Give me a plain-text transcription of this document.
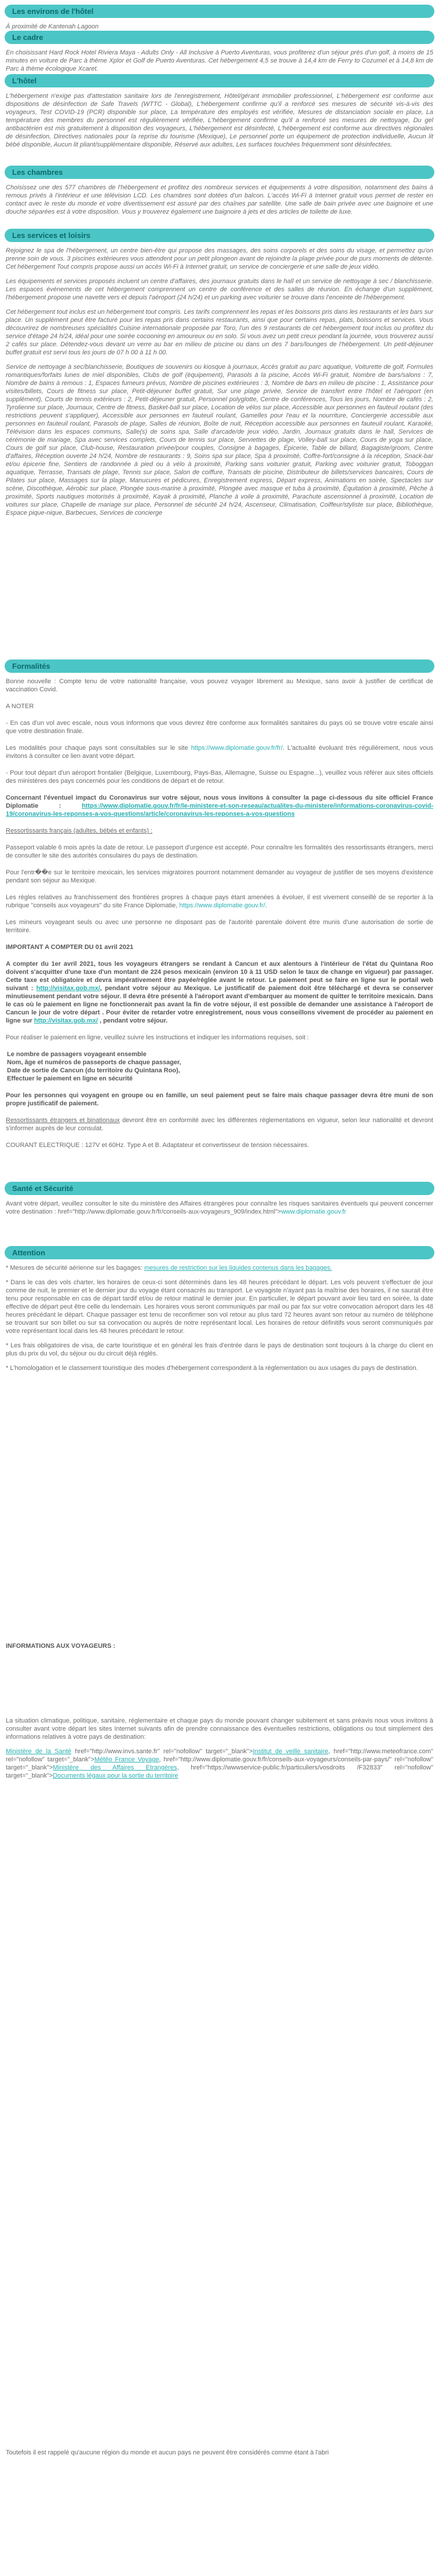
Les environs de l'hôtel

À proximité de Kantenah Lagoon

Le cadre

En choisissant Hard Rock Hotel Riviera Maya - Adults Only - All Inclusive à Puerto Aventuras, vous profiterez d'un séjour près d'un golf, à moins de 15 minutes en voiture de Parc à thème Xplor et Golf de Puerto Aventuras. Cet hébergement 4,5 se trouve à 14,4 km de Ferry to Cozumel et à 14,8 km de Parc à thème écologique Xcaret.

L'hôtel

L'hébergement n'exige pas d'attestation sanitaire lors de l'enregistrement, Hôtel/gérant immobilier professionnel, L'hébergement est conforme aux dispositions de désinfection de Safe Travels (WTTC - Global), L'hébergement confirme qu'il a renforcé ses mesures de sécurité vis-à-vis des voyageurs, Test COVID-19 (PCR) disponible sur place, La température des employés est vérifiée, Mesures de distanciation sociale en place, La température des membres du personnel est régulièrement vérifiée, L'hébergement confirme qu'il a renforcé ses mesures de nettoyage, Du gel antibactérien est mis gratuitement à disposition des voyageurs, L'hébergement est désinfecté, L'hébergement est conforme aux directives régionales de désinfection, Directives nationales pour la reprise du tourisme (Mexique), Le personnel porte un équipement de protection individuelle, Aucun lit bébé disponible, Aucun lit pliant/supplémentaire disponible, Réservé aux adultes, Les surfaces touchées fréquemment sont désinfectées.

Les chambres

Choisissez une des 577 chambres de l'hébergement et profitez des nombreux services et équipements à votre disposition, notamment des bains à remous privés à l'intérieur et une télévision LCD. Les chambres sont dotées d'un balcon. L'accès Wi-Fi à Internet gratuit vous permet de rester en contact avec le reste du monde et votre divertissement est assuré par des chaînes par satellite. Une salle de bain privée avec une baignoire et une douche séparées est à votre disposition. Vous y trouverez également une baignoire à jets et des articles de toilette de luxe.

Les services et loisirs

Rejoignez le spa de l'hébergement, un centre bien-être qui propose des massages, des soins corporels et des soins du visage, et permettez qu'on prenne soin de vous. 3 piscines extérieures vous attendent pour un petit plongeon avant de rejoindre la plage privée pour de purs moments de détente. Cet hébergement Tout compris propose aussi un accès Wi-Fi à Internet gratuit, un service de conciergerie et une salle de jeux vidéo.

Les équipements et services proposés incluent un centre d'affaires, des journaux gratuits dans le hall et un service de nettoyage à sec / blanchisserie. Les espaces événements de cet hébergement comprennent un centre de conférence et des salles de réunion. En échange d'un supplément, l'hébergement propose une navette vers et depuis l'aéroport (24 h/24) et un parking avec voiturier se trouve dans l'enceinte de l'hébergement.

Cet hébergement tout inclus est un hébergement tout compris. Les tarifs comprennent les repas et les boissons pris dans les restaurants et les bars sur place. Un supplément peut être facturé pour les repas pris dans certains restaurants, ainsi que pour certains repas, plats, boissons et services. Vous découvrirez de nombreuses spécialités Cuisine internationale proposée par Toro, l'un des 9 restaurants de cet hébergement tout inclus ou profitez du service d'étage 24 h/24, idéal pour une soirée cocooning en amoureux ou en solo. Si vous avez un petit creux pendant la journée, vous trouverez aussi 2 cafés sur place. Détendez-vous devant un verre au bar en milieu de piscine ou dans un des 7 bars/lounges de l'hébergement. Un petit-déjeuner buffet gratuit est servi tous les jours de 07 h 00 à 11 h 00.

Service de nettoyage à sec/blanchisserie, Boutiques de souvenirs ou kiosque à journaux, Accès gratuit au parc aquatique, Voiturette de golf, Formules romantiques/forfaits lunes de miel disponibles, Clubs de golf (équipement), Parasols à la piscine, Accès Wi-Fi gratuit, Nombre de bars/salons : 7, Nombre de bains à remous : 1, Espaces fumeurs prévus, Nombre de piscines extérieures : 3, Nombre de bars en milieu de piscine : 1, Assistance pour visites/billets, Cours de fitness sur place, Petit-déjeuner buffet gratuit, Sur une plage privée, Service de transfert entre l'hôtel et l'aéroport (en supplément), Courts de tennis extérieurs : 2, Petit-déjeuner gratuit, Personnel polyglotte, Centre de conférences, Tous les jours, Nombre de cafés : 2, Tyrolienne sur place, Journaux, Centre de fitness, Basket-ball sur place, Location de vélos sur place, Accessible aux personnes en fauteuil roulant (des restrictions peuvent s'appliquer), Accessible aux personnes en fauteuil roulant, Gamelles pour l'eau et la nourriture, Conciergerie accessible aux personnes en fauteuil roulant, Parasols de plage, Salles de réunion, Boîte de nuit, Réception accessible aux personnes en fauteuil roulant, Karaoké, Télévision dans les espaces communs, Salle(s) de soins spa, Salle d'arcade/de jeux vidéo, Jardin, Journaux gratuits dans le hall, Services de cérémonie de mariage, Spa avec services complets, Cours de tennis sur place, Serviettes de plage, Volley-ball sur place, Cours de yoga sur place, Cours de golf sur place, Club-house, Restauration privée/pour couples, Consigne à bagages, Épicerie, Table de billard, Bagagiste/groom, Centre d'affaires, Réception ouverte 24 h/24, Nombre de restaurants : 9, Soins spa sur place, Spa à proximité, Coffre-fort/consigne à la réception, Snack-bar et/ou épicerie fine, Sentiers de randonnée à pied ou à vélo à proximité, Parking sans voiturier gratuit, Parking avec voiturier gratuit, Toboggan aquatique, Terrasse, Transats de plage, Tennis sur place, Salon de coiffure, Transats de piscine, Distributeur de billets/services bancaires, Cours de Pilates sur place, Massages sur la plage, Manucures et pédicures, Enregistrement express, Départ express, Animations en soirée, Spectacles sur scène, Discothèque, Aérobic sur place, Plongée sous-marine à proximité, Plongée avec masque et tuba à proximité, Équitation à proximité, Pêche à proximité, Sports nautiques motorisés à proximité, Kayak à proximité, Planche à voile à proximité, Parachute ascensionnel à proximité, Location de voitures sur place, Chapelle de mariage sur place, Personnel de sécurité 24 h/24, Ascenseur, Climatisation, Coiffeur/styliste sur place, Bibliothèque, Espace pique-nique, Barbecues, Services de concierge

Formalités

Bonne nouvelle : Compte tenu de votre nationalité française, vous pouvez voyager librement au Mexique, sans avoir à justifier de certificat de vaccination Covid.

A NOTER

- En cas d'un vol avec escale, nous vous informons que vous devrez être conforme aux formalités sanitaires du pays où se trouve votre escale ainsi que votre destination finale.

Les modalités pour chaque pays sont consultables sur le site https://www.diplomatie.gouv.fr/fr/. L'actualité évoluant très régulièrement, nous vous invitons à consulter ce lien avant votre départ.

- Pour tout départ d'un aéroport frontalier (Belgique, Luxembourg, Pays-Bas, Allemagne, Suisse ou Espagne...), veuillez vous référer aux sites officiels des ministères des pays concernés pour les conditions de départ et de retour.

Concernant l'éventuel impact du Coronavirus sur votre séjour, nous vous invitons à consulter la page ci-dessous du site officiel France Diplomatie : https://www.diplomatie.gouv.fr/fr/le-ministere-et-son-reseau/actualites-du-ministere/informations-coronavirus-covid-19/coronavirus-les-reponses-a-vos-questions/article/coronavirus-les-reponses-a-vos-questions

Ressortissants français (adultes, bébés et enfants) :

Passeport valable 6 mois après la date de retour. Le passeport d'urgence est accepté. Pour connaître les formalités des ressortissants étrangers, merci de consulter le site des autorités consulaires du pays de destination.

Pour l'entr��e sur le territoire mexicain, les services migratoires pourront notamment demander au voyageur de justifier de ses moyens d'existence pendant son séjour au Mexique.

Les règles relatives au franchissement des frontières propres à chaque pays étant amenées à évoluer, il est vivement conseillé de se reporter à la rubrique "conseils aux voyageurs" du site France Diplomatie, https://www.diplomatie.gouv.fr/.

Les mineurs voyageant seuls ou avec une personne ne disposant pas de l'autorité parentale doivent être munis d'une autorisation de sortie de territoire.

IMPORTANT A COMPTER DU 01 avril 2021

A compter du 1er avril 2021, tous les voyageurs étrangers se rendant à Cancun et aux alentours à l'intérieur de l'état du Quintana Roo doivent s'acquitter d'une taxe d'un montant de 224 pesos mexicain (environ 10 à 11 USD selon le taux de change en vigueur) par passager. Cette taxe est obligatoire et devra impérativement être payée/réglée avant le retour. Le paiement peut se faire en ligne sur le portail web suivant : http://visitax.gob.mx/, pendant votre séjour au Mexique. Le justificatif de paiement doit être téléchargé et devra se conserver minutieusement pendant votre séjour. Il devra être présenté à l'aéroport avant d'embarquer au moment de quitter le territoire mexicain. Dans le cas où le paiement en ligne ne fonctionnerait pas avant la fin de votre séjour, il est possible de demander une assistance à l'aéroport de Cancun le jour de votre départ . Pour éviter de retarder votre enregistrement, nous vous conseillons vivement de procéder au paiement en ligne sur http://visitax.gob.mx/ , pendant votre séjour.

Pour réaliser le paiement en ligne, veuillez suivre les instructions et indiquer les informations requises, soit :

Le nombre de passagers voyageant ensemble
Nom, âge et numéros de passeports de chaque passager,
Date de sortie de Cancun (du territoire du Quintana Roo),
Effectuer le paiement en ligne en sécurité

Pour les personnes qui voyagent en groupe ou en famille, un seul paiement peut se faire mais chaque passager devra être muni de son propre justificatif de paiement.

Ressortissants étrangers et binationaux devront être en conformité avec les différentes réglementations en vigueur, selon leur nationalité et devront s'informer auprès de leur consulat.

COURANT ELECTRIQUE : 127V et 60Hz. Type A et B. Adaptateur et convertisseur de tension nécessaires.

Santé et Sécurité

Avant votre départ, veuillez consulter le site du ministère des Affaires étrangères pour connaître les risques sanitaires éventuels qui peuvent concerner votre destination : href="http://www.diplomatie.gouv.fr/fr/conseils-aux-voyageurs_909/index.html">www.diplomatie.gouv.fr

Attention

* Mesures de sécurité aérienne sur les bagages: mesures de restriction sur les liquides contenus dans les bagages.

* Dans le cas des vols charter, les horaires de ceux-ci sont déterminés dans les 48 heures précédant le départ. Les vols peuvent s'effectuer de jour comme de nuit, le premier et le dernier jour du voyage étant consacrés au transport. Le voyagiste n'ayant pas la maîtrise des horaires, il ne saurait être tenu pour responsable en cas de départ tardif et/ou de retour matinal le dernier jour. En particulier, le départ pouvant avoir lieu tard en soirée, la date effective de départ peut être celle du lendemain. Les horaires vous seront communiqués par mail ou par fax sur votre convocation aéroport dans les 48 heures précédant le départ. Chaque passager est tenu de reconfirmer son vol retour au plus tard 72 heures avant son retour au numéro de téléphone se trouvant sur son billet ou sur sa convocation ou auprès de notre représentant local. Les horaires de retour définitifs vous seront communiqués par votre représentant local dans les 48 heures précédant le retour.

* Les frais obligatoires de visa, de carte touristique et en général les frais d'entrée dans le pays de destination sont toujours à la charge du client en plus du prix du vol, du séjour ou du circuit déjà réglés.

* L'homologation et le classement touristique des modes d'hébergement correspondent à la réglementation ou aux usages du pays de destination.

INFORMATIONS AUX VOYAGEURS :

La situation climatique, politique, sanitaire, réglementaire et chaque pays du monde pouvant changer subitement et sans préavis nous vous invitons à consulter avant votre départ les sites Internet suivants afin de prendre connaissance des éventuelles restrictions, obligations ou tout simplement des informations relatives à votre pays de destination:

Ministère de la Santé href="http://www.invs.sante.fr" rel="nofollow" target="_blank">Institut de veille sanitaire, href="http://www.meteofrance.com" rel="nofollow" target="_blank">Météo France Voyage, href="http://www.diplomatie.gouv.fr/fr/conseils-aux-voyageurs/conseils-par-pays/" rel="nofollow" target="_blank">Ministère des Affaires Etrangères, href="https://wwwservice-public.fr/particuliers/vosdroits /F32833" rel="nofollow" target="_blank">Documents légaux pour la sortie du territoire

Toutefois il est rappelé qu'aucune région du monde et aucun pays ne peuvent être considérés comme étant à l'abri
